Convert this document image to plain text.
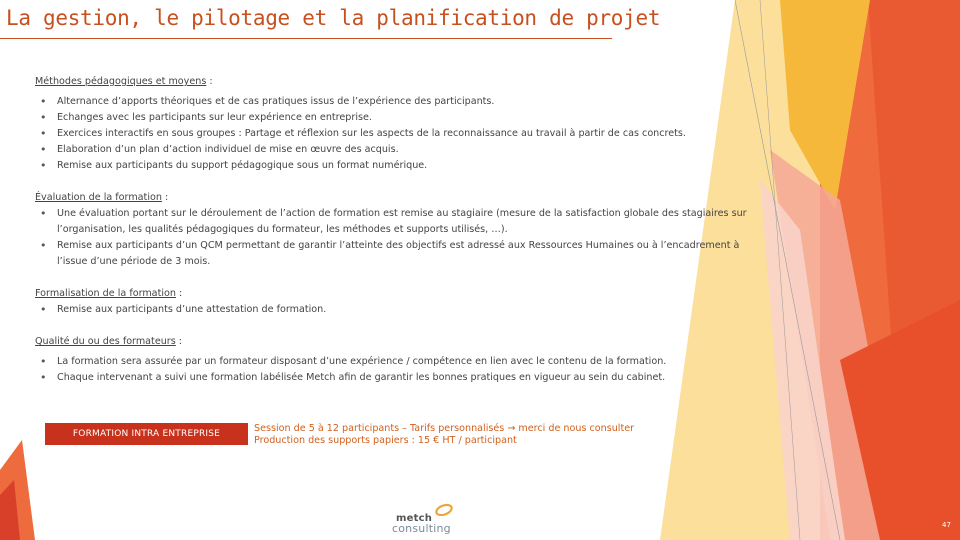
La gestion, le pilotage et la planification de projet

Méthodes pédagogiques et moyens :

• Alternance d’apports théoriques et de cas pratiques issus de l’expérience des participants.
• Echanges avec les participants sur leur expérience en entreprise.
• Exercices interactifs en sous groupes : Partage et réflexion sur les aspects de la reconnaissance au travail à partir de cas concrets.
• Elaboration d’un plan d’action individuel de mise en œuvre des acquis.
• Remise aux participants du support pédagogique sous un format numérique.

Évaluation de la formation :

• Une évaluation portant sur le déroulement de l’action de formation est remise au stagiaire (mesure de la satisfaction globale des stagiaires sur l’organisation, les qualités pédagogiques du formateur, les méthodes et supports utilisés, …).
• Remise aux participants d’un QCM permettant de garantir l’atteinte des objectifs est adressé aux Ressources Humaines ou à l’encadrement à l’issue d’une période de 3 mois.

Formalisation de la formation :

• Remise aux participants d’une attestation de formation.

Qualité du ou des formateurs :

• La formation sera assurée par un formateur disposant d’une expérience / compétence en lien avec le contenu de la formation.
• Chaque intervenant a suivi une formation labélisée Metch afin de garantir les bonnes pratiques en vigueur au sein du cabinet.
FORMATION INTRA ENTREPRISE	Session de 5 à 12 participants – Tarifs personnalisés → merci de nous consulter
Production des supports papiers : 15 € HT / participant
metch
consulting	47
